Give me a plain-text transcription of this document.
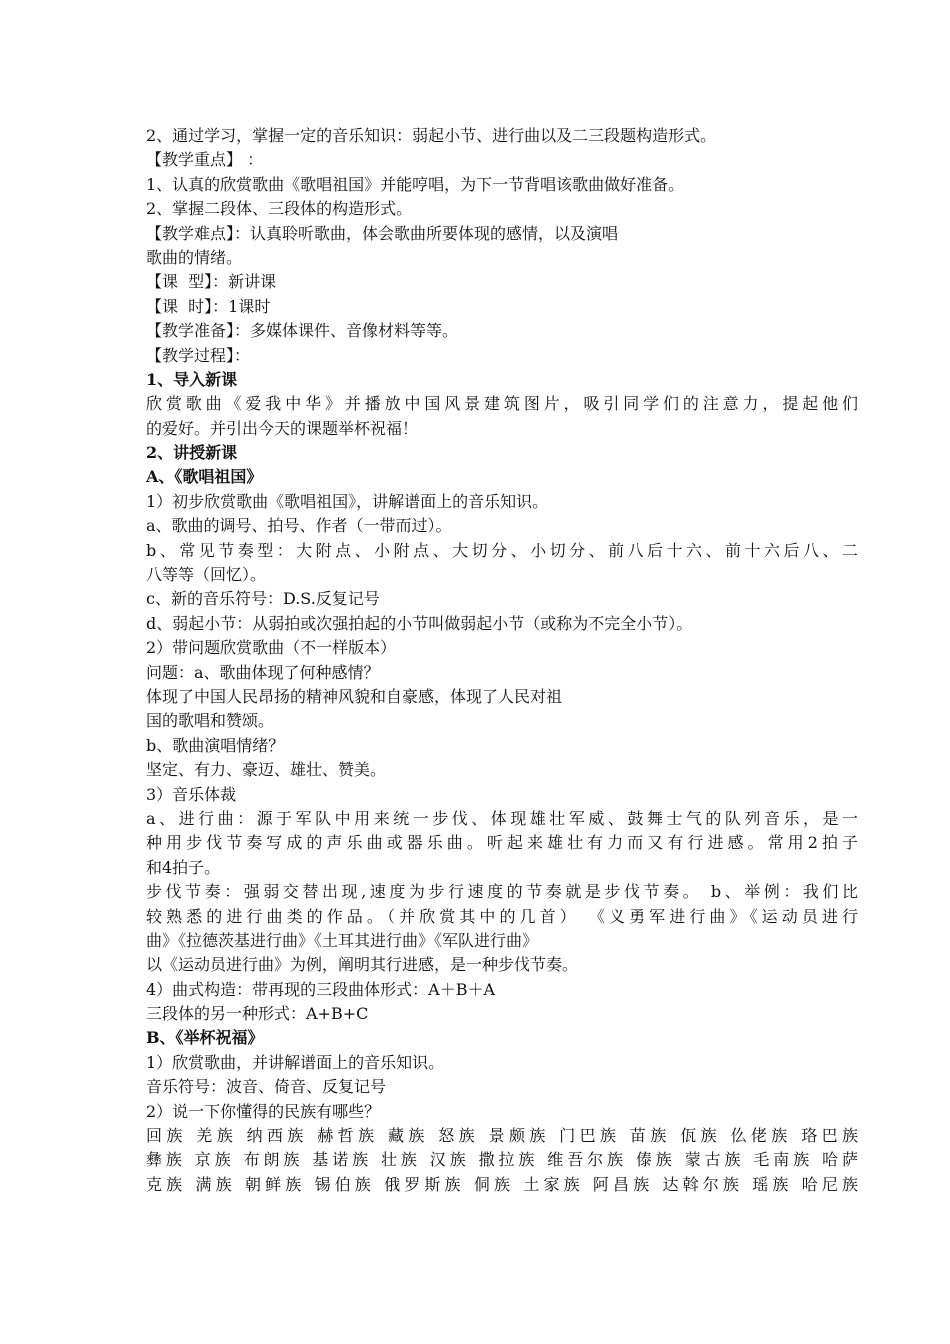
2、通过学习，掌握一定的音乐知识：弱起小节、进行曲以及二三段题构造形式。
【教学重点】 ：
1、认真的欣赏歌曲《歌唱祖国》并能哼唱，为下一节背唱该歌曲做好准备。
2、掌握二段体、三段体的构造形式。
【教学难点】：认真聆听歌曲，体会歌曲所要体现的感情，以及演唱
歌曲的情绪。
【课  型】：新讲课
【课  时】：1课时
【教学准备】：多媒体课件、音像材料等等。
【教学过程】：
1、导入新课
欣赏歌曲《爱我中华》并播放中国风景建筑图片，吸引同学们的注意力，提起他们
的爱好。并引出今天的课题举杯祝福！
2、讲授新课
A、《歌唱祖国》
1）初步欣赏歌曲《歌唱祖国》，讲解谱面上的音乐知识。
a、歌曲的调号、拍号、作者（一带而过）。
b、常见节奏型：大附点、小附点、大切分、小切分、前八后十六、前十六后八、二
八等等（回忆）。
c、新的音乐符号：D.S.反复记号
d、弱起小节：从弱拍或次强拍起的小节叫做弱起小节（或称为不完全小节）。
2）带问题欣赏歌曲（不一样版本）
问题：a、歌曲体现了何种感情？
体现了中国人民昂扬的精神风貌和自豪感，体现了人民对祖
国的歌唱和赞颂。
b、歌曲演唱情绪？
坚定、有力、豪迈、雄壮、赞美。
3）音乐体裁
a、进行曲：源于军队中用来统一步伐、体现雄壮军威、鼓舞士气的队列音乐，是一
种用步伐节奏写成的声乐曲或器乐曲。听起来雄壮有力而又有行进感。常用2拍子
和4拍子。
步伐节奏：强弱交替出现,速度为步行速度的节奏就是步伐节奏。 b、举例：我们比
较熟悉的进行曲类的作品。（并欣赏其中的几首） 《义勇军进行曲》《运动员进行
曲》《拉德茨基进行曲》《土耳其进行曲》《军队进行曲》
以《运动员进行曲》为例，阐明其行进感，是一种步伐节奏。
4）曲式构造：带再现的三段曲体形式：A＋B＋A
三段体的另一种形式：A+B+C
B、《举杯祝福》
1）欣赏歌曲，并讲解谱面上的音乐知识。
音乐符号：波音、倚音、反复记号
2）说一下你懂得的民族有哪些？
回族 羌族 纳西族 赫哲族 藏族 怒族 景颇族 门巴族 苗族 佤族 仫佬族 珞巴族
彝族 京族 布朗族 基诺族 壮族 汉族 撒拉族 维吾尔族 傣族 蒙古族 毛南族 哈萨
克族 满族 朝鲜族 锡伯族 俄罗斯族 侗族 土家族 阿昌族 达斡尔族 瑶族 哈尼族
